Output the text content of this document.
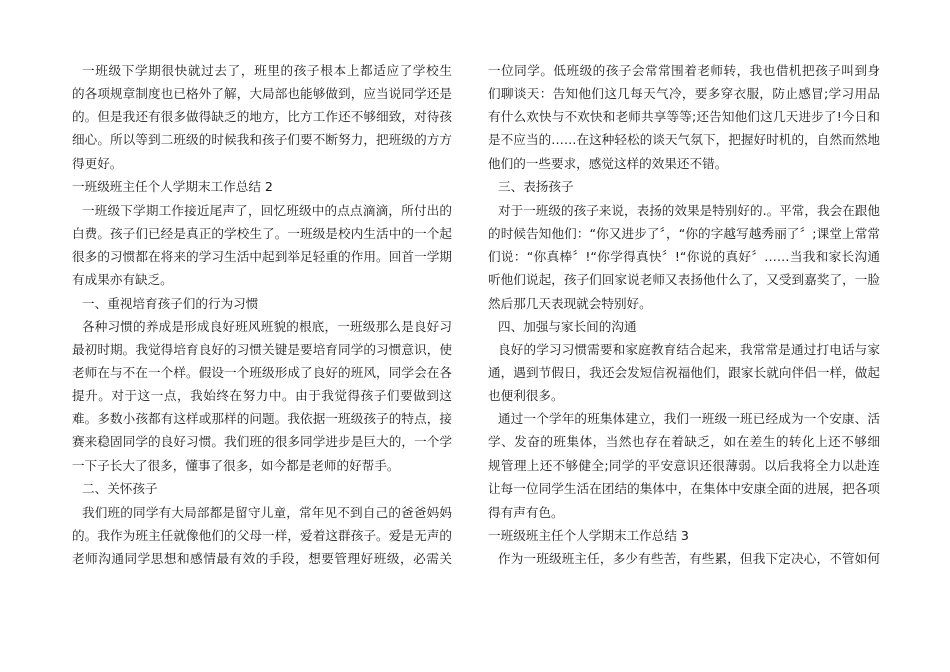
一班级下学期很快就过去了，班里的孩子根本上都适应了学校生
的各项规章制度也已格外了解，大局部也能够做到，应当说同学还是
的。但是我还有很多做得缺乏的地方，比方工作还不够细致，对待孩
细心。所以等到二班级的时候我和孩子们要不断努力，把班级的方方
得更好。
一班级班主任个人学期末工作总结 2
一班级下学期工作接近尾声了，回忆班级中的点点滴滴，所付出的
白费。孩子们已经是真正的学校生了。一班级是校内生活中的一个起
很多的习惯都在将来的学习生活中起到举足轻重的作用。回首一学期
有成果亦有缺乏。
一、重视培育孩子们的行为习惯
各种习惯的养成是形成良好班风班貌的根底，一班级那么是良好习
最初时期。我觉得培育良好的习惯关键是要培育同学的习惯意识，使
老师在与不在一个样。假设一个班级形成了良好的班风，同学会在各
提升。对于这一点，我始终在努力中。由于我觉得孩子们要做到这
难。多数小孩都有这样或那样的问题。我依据一班级孩子的特点，接
赛来稳固同学的良好习惯。我们班的很多同学进步是巨大的，一个学
一下子长大了很多，懂事了很多，如今都是老师的好帮手。
二、关怀孩子
我们班的同学有大局部都是留守儿童，常年见不到自己的爸爸妈妈
的。我作为班主任就像他们的父母一样，爱着这群孩子。爱是无声的
老师沟通同学思想和感情最有效的手段，想要管理好班级，必需关
一位同学。低班级的孩子会常常围着老师转，我也借机把孩子叫到身
们聊谈天：告知他们这几每天气冷，要多穿衣服，防止感冒;学习用品
有什么欢快与不欢快和老师共享等等;还告知他们这几天进步了!今日和
是不应当的……在这种轻松的谈天气氛下，把握好时机的，自然而然地
他们的一些要求，感觉这样的效果还不错。
三、表扬孩子
对于一班级的孩子来说，表扬的效果是特别好的.。平常，我会在跟他
的时候告知他们：“你又进步了〞，“你的字越写越秀丽了〞;课堂上常常
们说：“你真棒〞!“你学得真快〞!“你说的真好〞……当我和家长沟通
听他们说起，孩子们回家说老师又表扬他什么了，又受到嘉奖了，一脸
然后那几天表现就会特别好。
四、加强与家长间的沟通
良好的学习习惯需要和家庭教育结合起来，我常常是通过打电话与家
通，遇到节假日，我还会发短信祝福他们，跟家长就向伴侣一样，做起
也便利很多。
通过一个学年的班集体建立，我们一班级一班已经成为一个安康、活
学、发奋的班集体，当然也存在着缺乏，如在差生的转化上还不够细
规管理上还不够健全;同学的平安意识还很薄弱。以后我将全力以赴连
让每一位同学生活在团结的集体中，在集体中安康全面的进展，把各项
得有声有色。
一班级班主任个人学期末工作总结 3
作为一班级班主任，多少有些苦，有些累，但我下定决心，不管如何
